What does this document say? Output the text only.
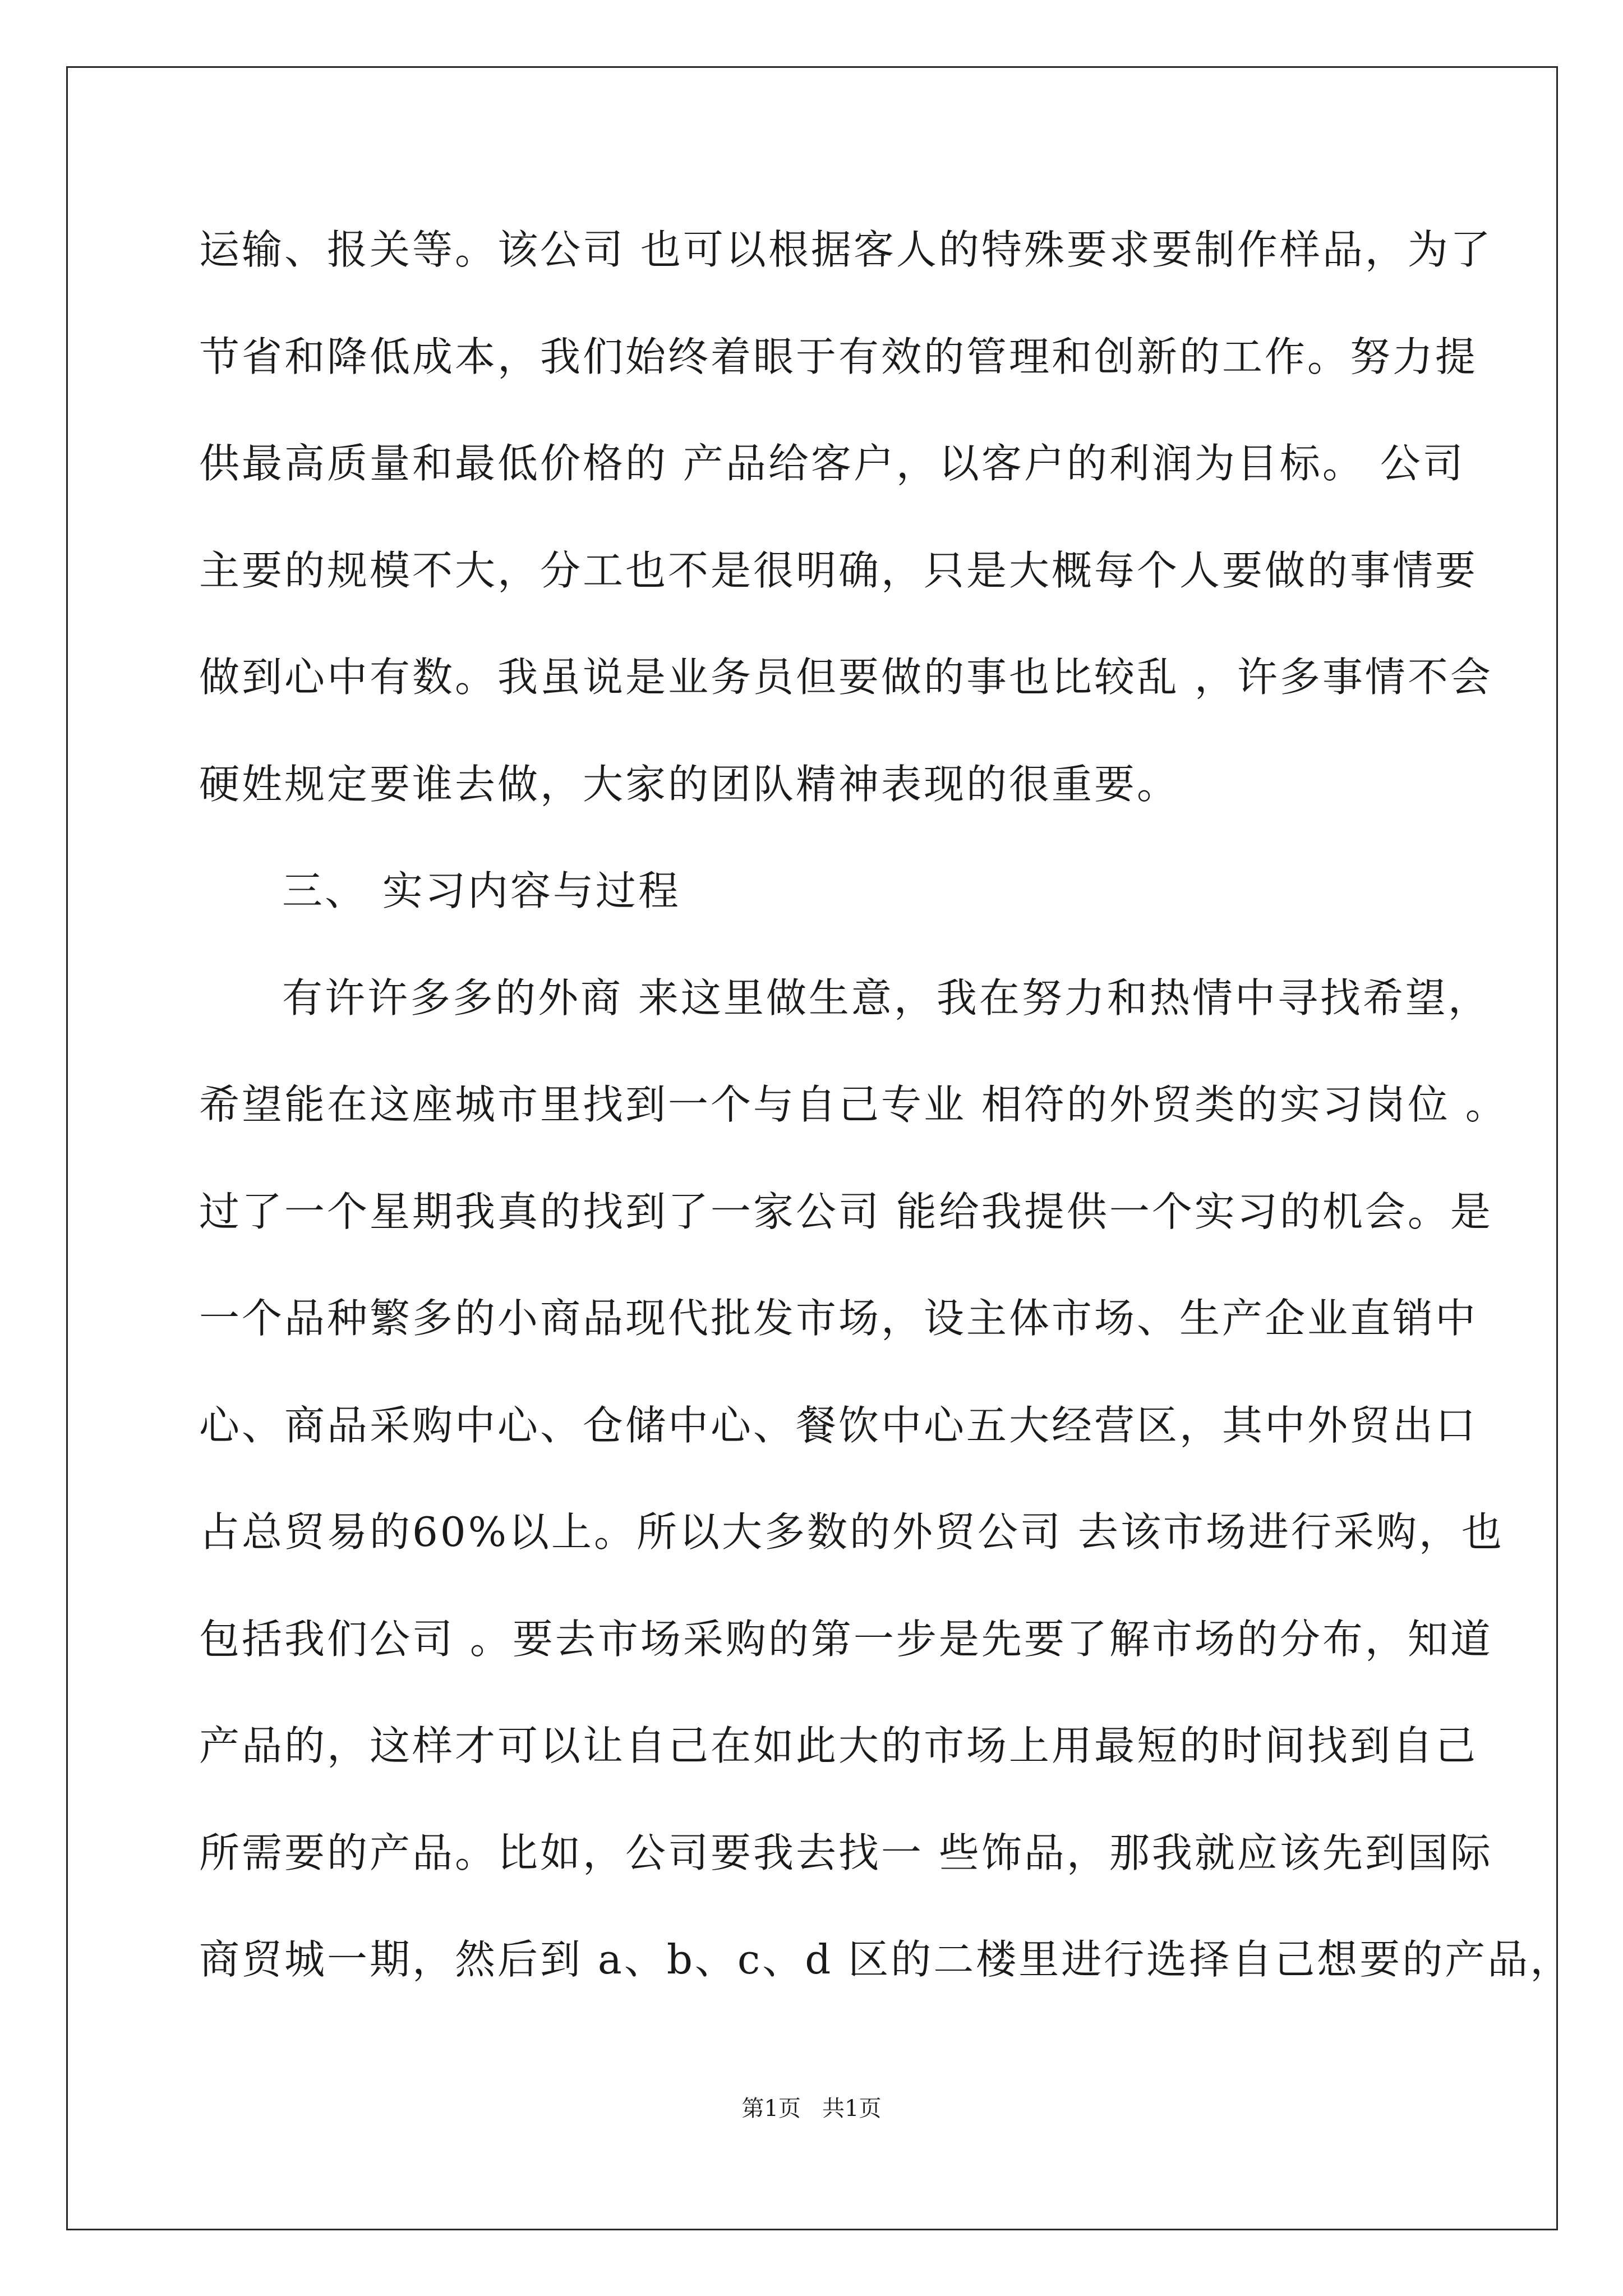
运输、报关等。该公司 也可以根据客人的特殊要求要制作样品，为了
节省和降低成本，我们始终着眼于有效的管理和创新的工作。努力提
供最高质量和最低价格的 产品给客户，以客户的利润为目标。 公司
主要的规模不大，分工也不是很明确，只是大概每个人要做的事情要
做到心中有数。我虽说是业务员但要做的事也比较乱 ，许多事情不会
硬姓规定要谁去做，大家的团队精神表现的很重要。
三、 实习内容与过程
有许许多多的外商 来这里做生意，我在努力和热情中寻找希望，
希望能在这座城市里找到一个与自己专业 相符的外贸类的实习岗位 。
过了一个星期我真的找到了一家公司 能给我提供一个实习的机会。是
一个品种繁多的小商品现代批发市场，设主体市场、生产企业直销中
心、商品采购中心、仓储中心、餐饮中心五大经营区，其中外贸出口
占总贸易的60%以上。所以大多数的外贸公司 去该市场进行采购，也
包括我们公司 。要去市场采购的第一步是先要了解市场的分布，知道
产品的，这样才可以让自己在如此大的市场上用最短的时间找到自己
所需要的产品。比如，公司要我去找一 些饰品，那我就应该先到国际
商贸城一期，然后到 a、b、c、d 区的二楼里进行选择自己想要的产品，
第1页   共1页
